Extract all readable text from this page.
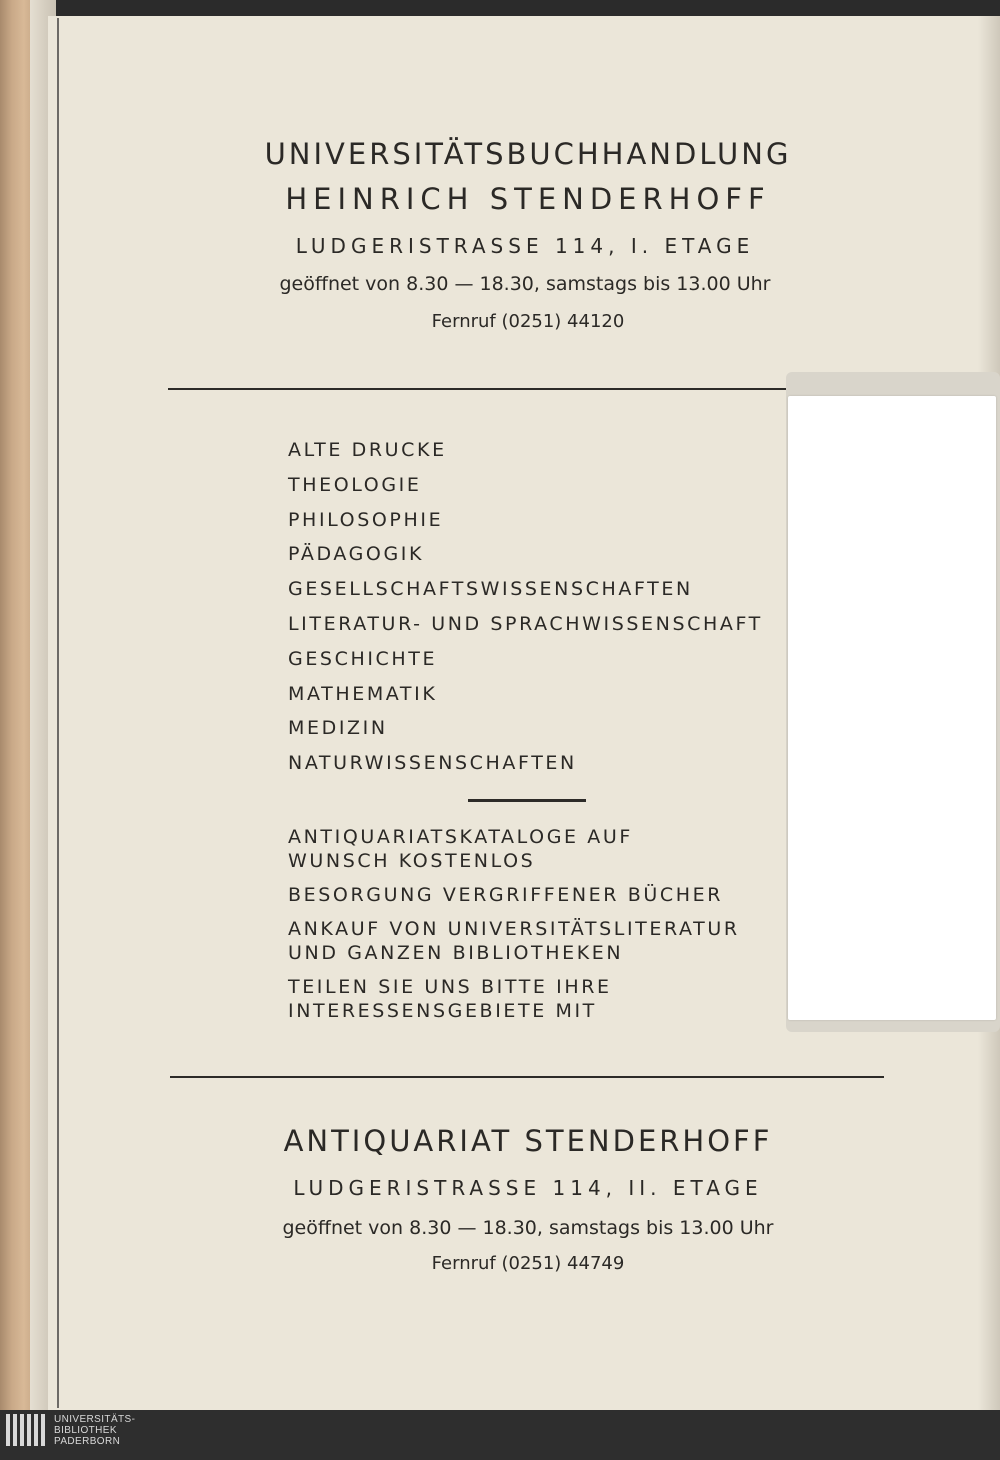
UNIVERSITÄTSBUCHHANDLUNG
HEINRICH STENDERHOFF
LUDGERISTRASSE 114, I. ETAGE
geöffnet von 8.30 — 18.30, samstags bis 13.00 Uhr
Fernruf (0251) 44120
ALTE DRUCKE
THEOLOGIE
PHILOSOPHIE
PÄDAGOGIK
GESELLSCHAFTSWISSENSCHAFTEN
LITERATUR- UND SPRACHWISSENSCHAFT
GESCHICHTE
MATHEMATIK
MEDIZIN
NATURWISSENSCHAFTEN
ANTIQUARIATSKATALOGE AUF
WUNSCH KOSTENLOS
BESORGUNG VERGRIFFENER BÜCHER
ANKAUF VON UNIVERSITÄTSLITERATUR
UND GANZEN BIBLIOTHEKEN
TEILEN SIE UNS BITTE IHRE
INTERESSENSGEBIETE MIT
ANTIQUARIAT STENDERHOFF
LUDGERISTRASSE 114, II. ETAGE
geöffnet von 8.30 — 18.30, samstags bis 13.00 Uhr
Fernruf (0251) 44749
UNIVERSITÄTS-
BIBLIOTHEK
PADERBORN
